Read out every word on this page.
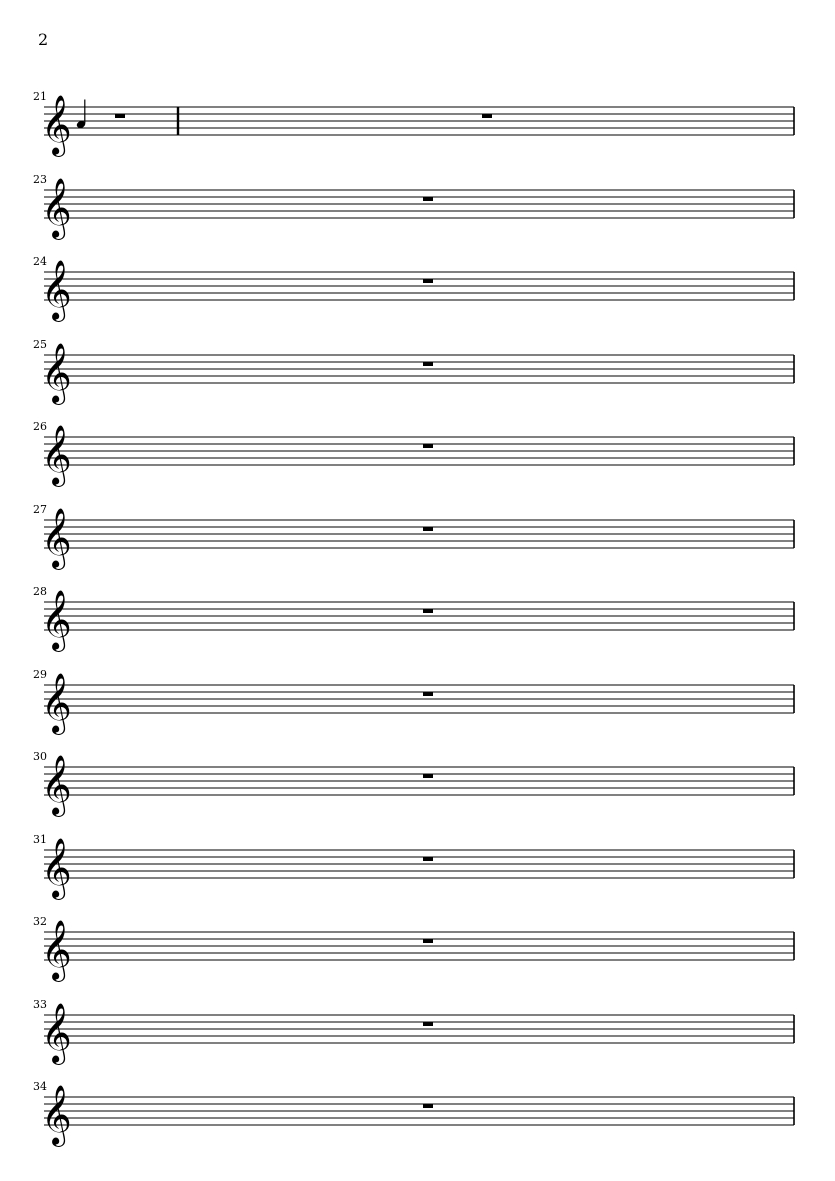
2
21
𝄞
23
𝄞
24
𝄞
25
𝄞
26
𝄞
27
𝄞
28
𝄞
29
𝄞
30
𝄞
31
𝄞
32
𝄞
33
𝄞
34
𝄞
